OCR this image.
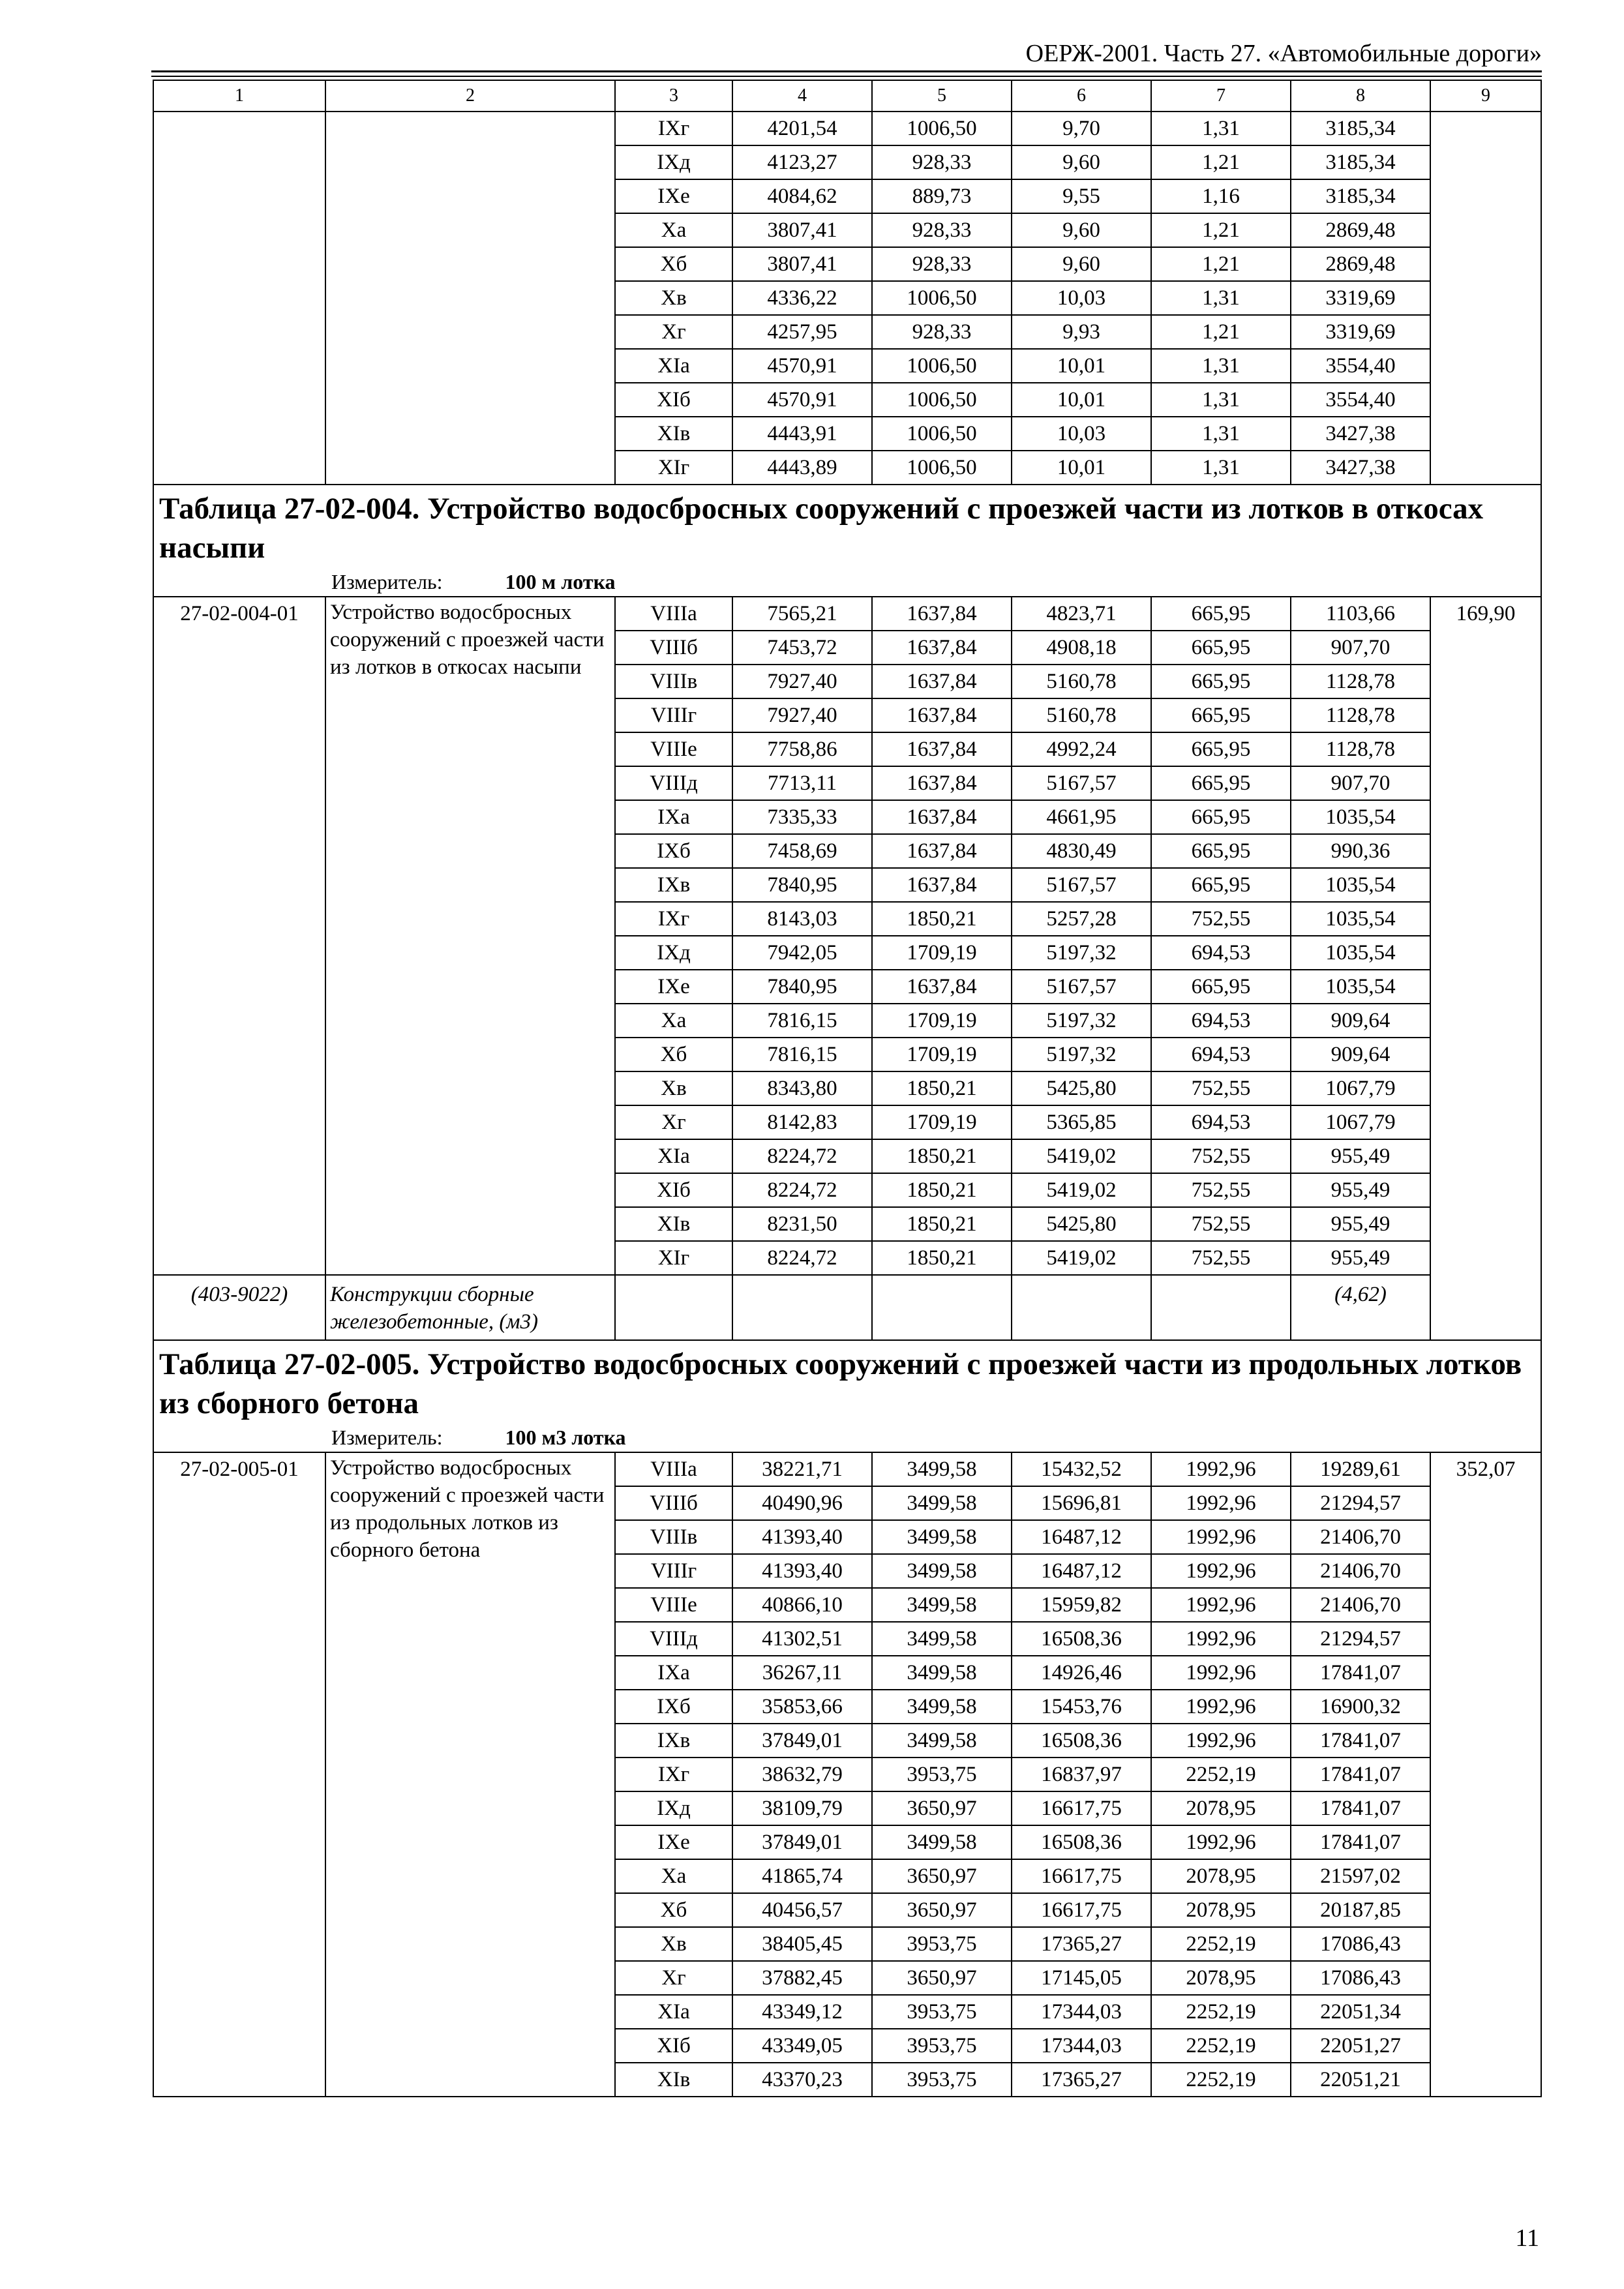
ОЕРЖ-2001. Часть 27. «Автомобильные дороги»
1	2	3	4	5	6	7	8	9
		IXг	4201,54	1006,50	9,70	1,31	3185,34	
		IXд	4123,27	928,33	9,60	1,21	3185,34	
		IXе	4084,62	889,73	9,55	1,16	3185,34	
		Xа	3807,41	928,33	9,60	1,21	2869,48	
		Xб	3807,41	928,33	9,60	1,21	2869,48	
		Xв	4336,22	1006,50	10,03	1,31	3319,69	
		Xг	4257,95	928,33	9,93	1,21	3319,69	
		XIа	4570,91	1006,50	10,01	1,31	3554,40	
		XIб	4570,91	1006,50	10,01	1,31	3554,40	
		XIв	4443,91	1006,50	10,03	1,31	3427,38	
		XIг	4443,89	1006,50	10,01	1,31	3427,38	
Таблица 27-02-004. Устройство водосбросных сооружений с проезжей части из лотков в откосах насыпи								
Измеритель: 100 м лотка								
27-02-004-01	Устройство водосбросных сооружений с проезжей части из лотков в откосах насыпи	VIIIа	7565,21	1637,84	4823,71	665,95	1103,66	169,90
		VIIIб	7453,72	1637,84	4908,18	665,95	907,70	
		VIIIв	7927,40	1637,84	5160,78	665,95	1128,78	
		VIIIг	7927,40	1637,84	5160,78	665,95	1128,78	
		VIIIе	7758,86	1637,84	4992,24	665,95	1128,78	
		VIIIд	7713,11	1637,84	5167,57	665,95	907,70	
		IXа	7335,33	1637,84	4661,95	665,95	1035,54	
		IXб	7458,69	1637,84	4830,49	665,95	990,36	
		IXв	7840,95	1637,84	5167,57	665,95	1035,54	
		IXг	8143,03	1850,21	5257,28	752,55	1035,54	
		IXд	7942,05	1709,19	5197,32	694,53	1035,54	
		IXе	7840,95	1637,84	5167,57	665,95	1035,54	
		Xа	7816,15	1709,19	5197,32	694,53	909,64	
		Xб	7816,15	1709,19	5197,32	694,53	909,64	
		Xв	8343,80	1850,21	5425,80	752,55	1067,79	
		Xг	8142,83	1709,19	5365,85	694,53	1067,79	
		XIа	8224,72	1850,21	5419,02	752,55	955,49	
		XIб	8224,72	1850,21	5419,02	752,55	955,49	
		XIв	8231,50	1850,21	5425,80	752,55	955,49	
		XIг	8224,72	1850,21	5419,02	752,55	955,49	
(403-9022)	Конструкции сборные железобетонные, (м3)						(4,62)	
Таблица 27-02-005. Устройство водосбросных сооружений с проезжей части из продольных лотков из сборного бетона								
Измеритель: 100 м3 лотка								
27-02-005-01	Устройство водосбросных сооружений с проезжей части из продольных лотков из сборного бетона	VIIIа	38221,71	3499,58	15432,52	1992,96	19289,61	352,07
		VIIIб	40490,96	3499,58	15696,81	1992,96	21294,57	
		VIIIв	41393,40	3499,58	16487,12	1992,96	21406,70	
		VIIIг	41393,40	3499,58	16487,12	1992,96	21406,70	
		VIIIе	40866,10	3499,58	15959,82	1992,96	21406,70	
		VIIIд	41302,51	3499,58	16508,36	1992,96	21294,57	
		IXа	36267,11	3499,58	14926,46	1992,96	17841,07	
		IXб	35853,66	3499,58	15453,76	1992,96	16900,32	
		IXв	37849,01	3499,58	16508,36	1992,96	17841,07	
		IXг	38632,79	3953,75	16837,97	2252,19	17841,07	
		IXд	38109,79	3650,97	16617,75	2078,95	17841,07	
		IXе	37849,01	3499,58	16508,36	1992,96	17841,07	
		Xа	41865,74	3650,97	16617,75	2078,95	21597,02	
		Xб	40456,57	3650,97	16617,75	2078,95	20187,85	
		Xв	38405,45	3953,75	17365,27	2252,19	17086,43	
		Xг	37882,45	3650,97	17145,05	2078,95	17086,43	
		XIа	43349,12	3953,75	17344,03	2252,19	22051,34	
		XIб	43349,05	3953,75	17344,03	2252,19	22051,27	
		XIв	43370,23	3953,75	17365,27	2252,19	22051,21	
11
